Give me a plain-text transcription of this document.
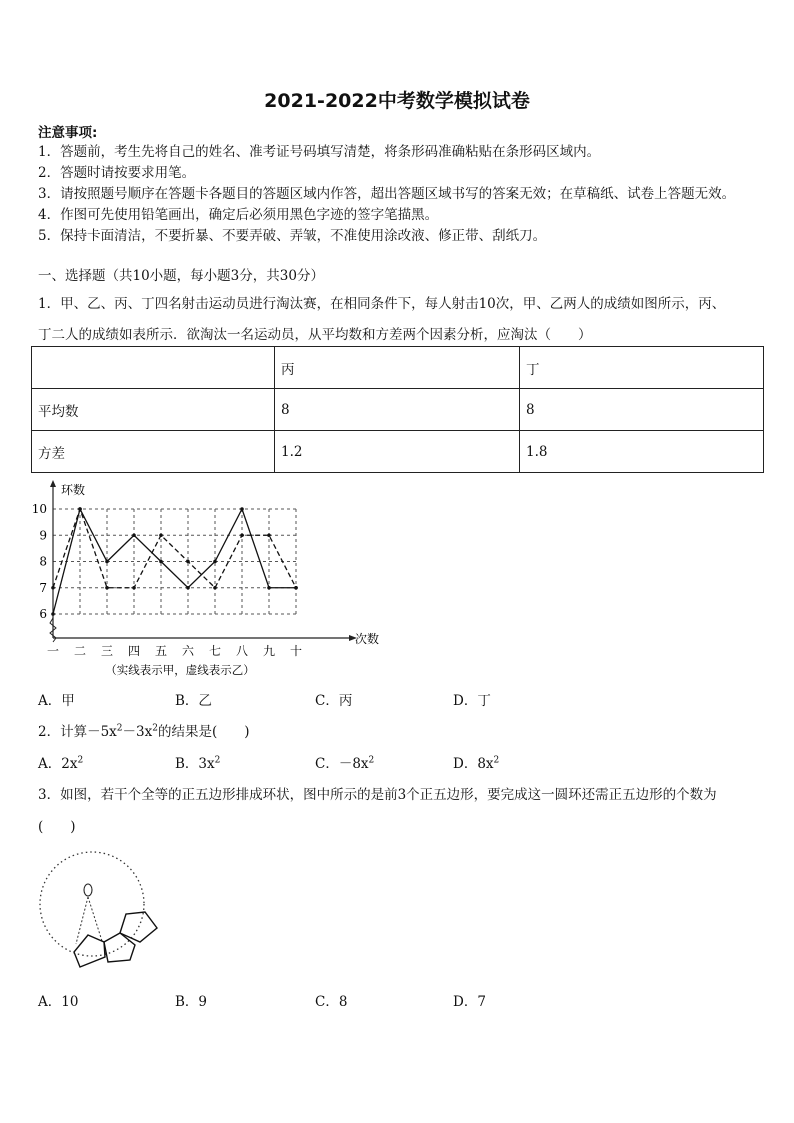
2021-2022中考数学模拟试卷
注意事项:
1．答题前，考生先将自己的姓名、准考证号码填写清楚，将条形码准确粘贴在条形码区域内。
2．答题时请按要求用笔。
3．请按照题号顺序在答题卡各题目的答题区域内作答，超出答题区域书写的答案无效；在草稿纸、试卷上答题无效。
4．作图可先使用铅笔画出，确定后必须用黑色字迹的签字笔描黑。
5．保持卡面清洁，不要折暴、不要弄破、弄皱，不准使用涂改液、修正带、刮纸刀。
一、选择题（共10小题，每小题3分，共30分）
1．甲、乙、丙、丁四名射击运动员进行淘汰赛，在相同条件下，每人射击10次，甲、乙两人的成绩如图所示，丙、
丁二人的成绩如表所示．欲淘汰一名运动员，从平均数和方差两个因素分析，应淘汰（　　）
	丙	丁
平均数	8	8
方差	1.2	1.8
环数
次数
6
7
8
9
10
一 二 三 四 五 六 七 八 九 十
（实线表示甲，虚线表示乙）
A．甲	B．乙	C．丙	D．丁
2．计算$-5x^2-3x^2$的结果是(　　)
A．$2x^2$	B．$3x^2$	C．$-8x^2$	D．$8x^2$
3．如图，若干个全等的正五边形排成环状，图中所示的是前3个正五边形，要完成这一圆环还需正五边形的个数为
(　　)
A．10	B．9	C．8	D．7
